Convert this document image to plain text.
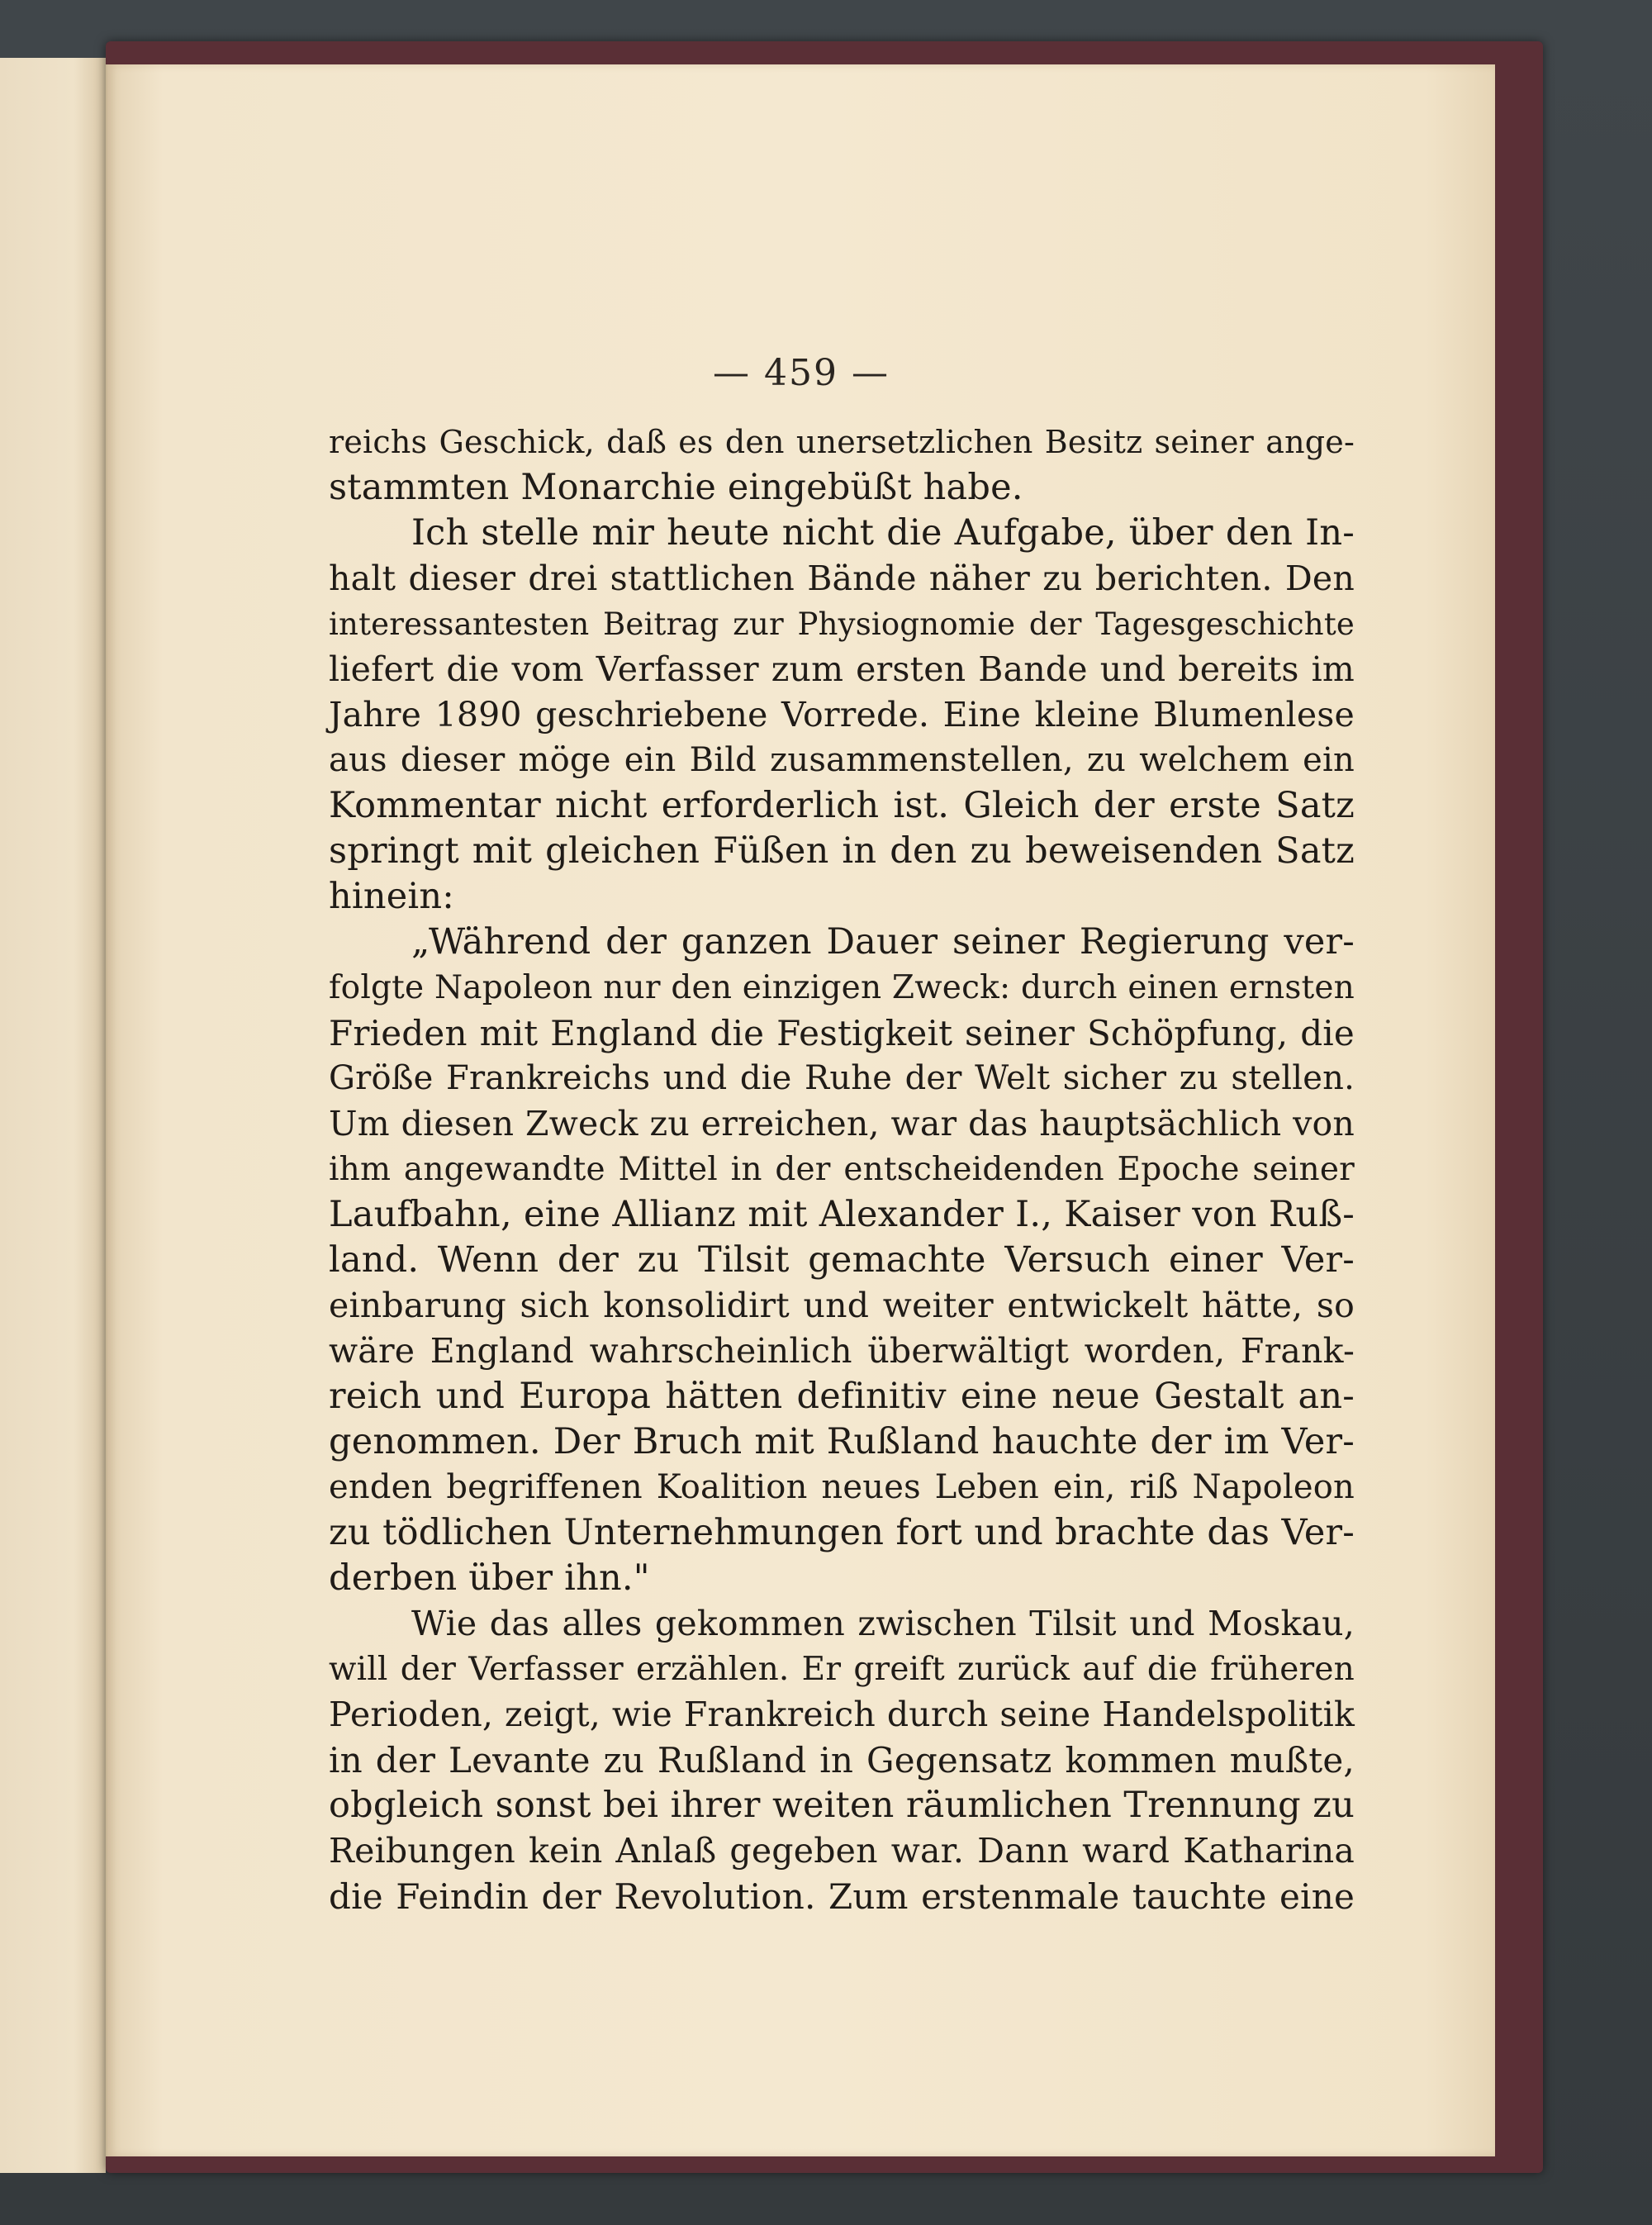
— 459 —
reichs Geschick, daß es den unersetzlichen Besitz seiner ange-
stammten Monarchie eingebüßt habe.
Ich stelle mir heute nicht die Aufgabe, über den In-
halt dieser drei stattlichen Bände näher zu berichten. Den
interessantesten Beitrag zur Physiognomie der Tagesgeschichte
liefert die vom Verfasser zum ersten Bande und bereits im
Jahre 1890 geschriebene Vorrede. Eine kleine Blumenlese
aus dieser möge ein Bild zusammenstellen, zu welchem ein
Kommentar nicht erforderlich ist. Gleich der erste Satz
springt mit gleichen Füßen in den zu beweisenden Satz
hinein:
„Während der ganzen Dauer seiner Regierung ver-
folgte Napoleon nur den einzigen Zweck: durch einen ernsten
Frieden mit England die Festigkeit seiner Schöpfung, die
Größe Frankreichs und die Ruhe der Welt sicher zu stellen.
Um diesen Zweck zu erreichen, war das hauptsächlich von
ihm angewandte Mittel in der entscheidenden Epoche seiner
Laufbahn, eine Allianz mit Alexander I., Kaiser von Ruß-
land. Wenn der zu Tilsit gemachte Versuch einer Ver-
einbarung sich konsolidirt und weiter entwickelt hätte, so
wäre England wahrscheinlich überwältigt worden, Frank-
reich und Europa hätten definitiv eine neue Gestalt an-
genommen. Der Bruch mit Rußland hauchte der im Ver-
enden begriffenen Koalition neues Leben ein, riß Napoleon
zu tödlichen Unternehmungen fort und brachte das Ver-
derben über ihn."
Wie das alles gekommen zwischen Tilsit und Moskau,
will der Verfasser erzählen. Er greift zurück auf die früheren
Perioden, zeigt, wie Frankreich durch seine Handelspolitik
in der Levante zu Rußland in Gegensatz kommen mußte,
obgleich sonst bei ihrer weiten räumlichen Trennung zu
Reibungen kein Anlaß gegeben war. Dann ward Katharina
die Feindin der Revolution. Zum erstenmale tauchte eine
